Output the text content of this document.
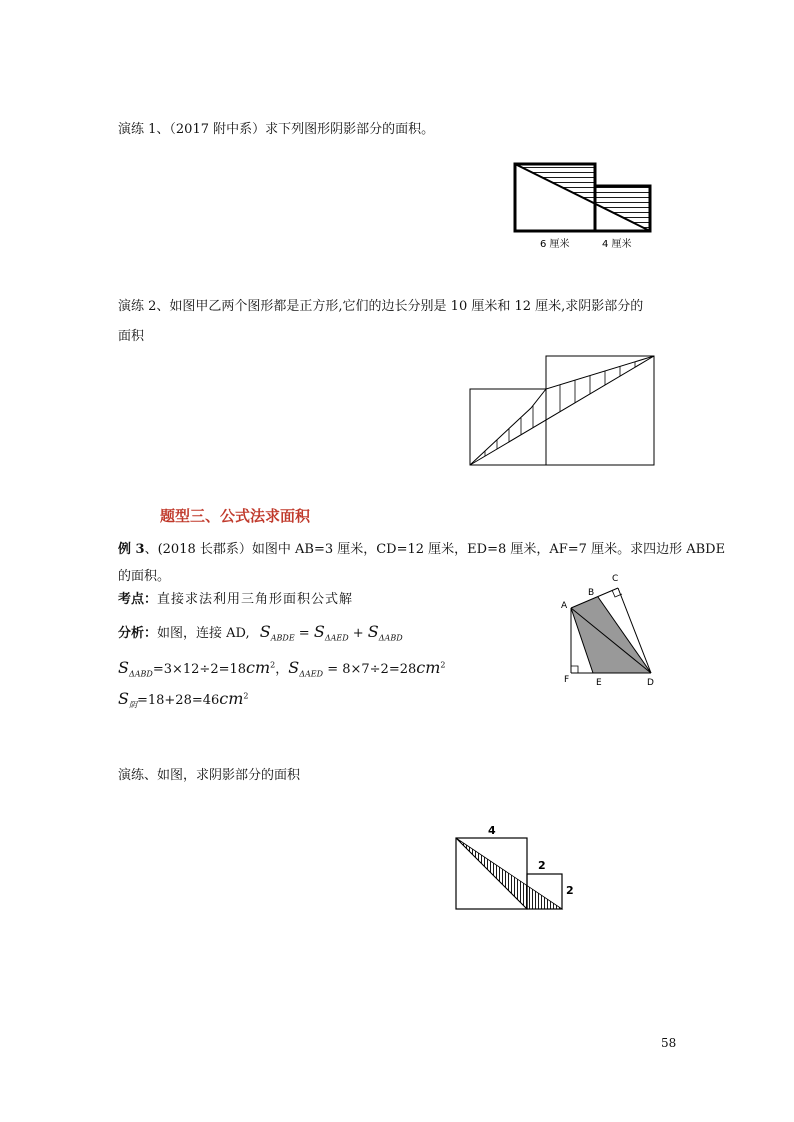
演练 1、（2017 附中系）求下列图形阴影部分的面积。
6 厘米	4 厘米
演练 2、如图甲乙两个图形都是正方形,它们的边长分别是 10 厘米和 12 厘米,求阴影部分的
面积
题型三、公式法求面积
例 3、(2018 长郡系）如图中 AB=3 厘米，CD=12 厘米，ED=8 厘米，AF=7 厘米。求四边形 ABDE
的面积。
考点：直接求法利用三角形面积公式解
分析：如图，连接 AD, $S_{ABDE} = S_{\Delta AED} + S_{\Delta ABD}$
$S_{\Delta ABD}=3\times 12\div 2=18cm^2$，$S_{\Delta AED} = 8\times 7\div 2=28cm^2$
$S_阴=18+28=46cm^2$
A
B
C
D
E
F
演练、如图，求阴影部分的面积
4
2
2
58
